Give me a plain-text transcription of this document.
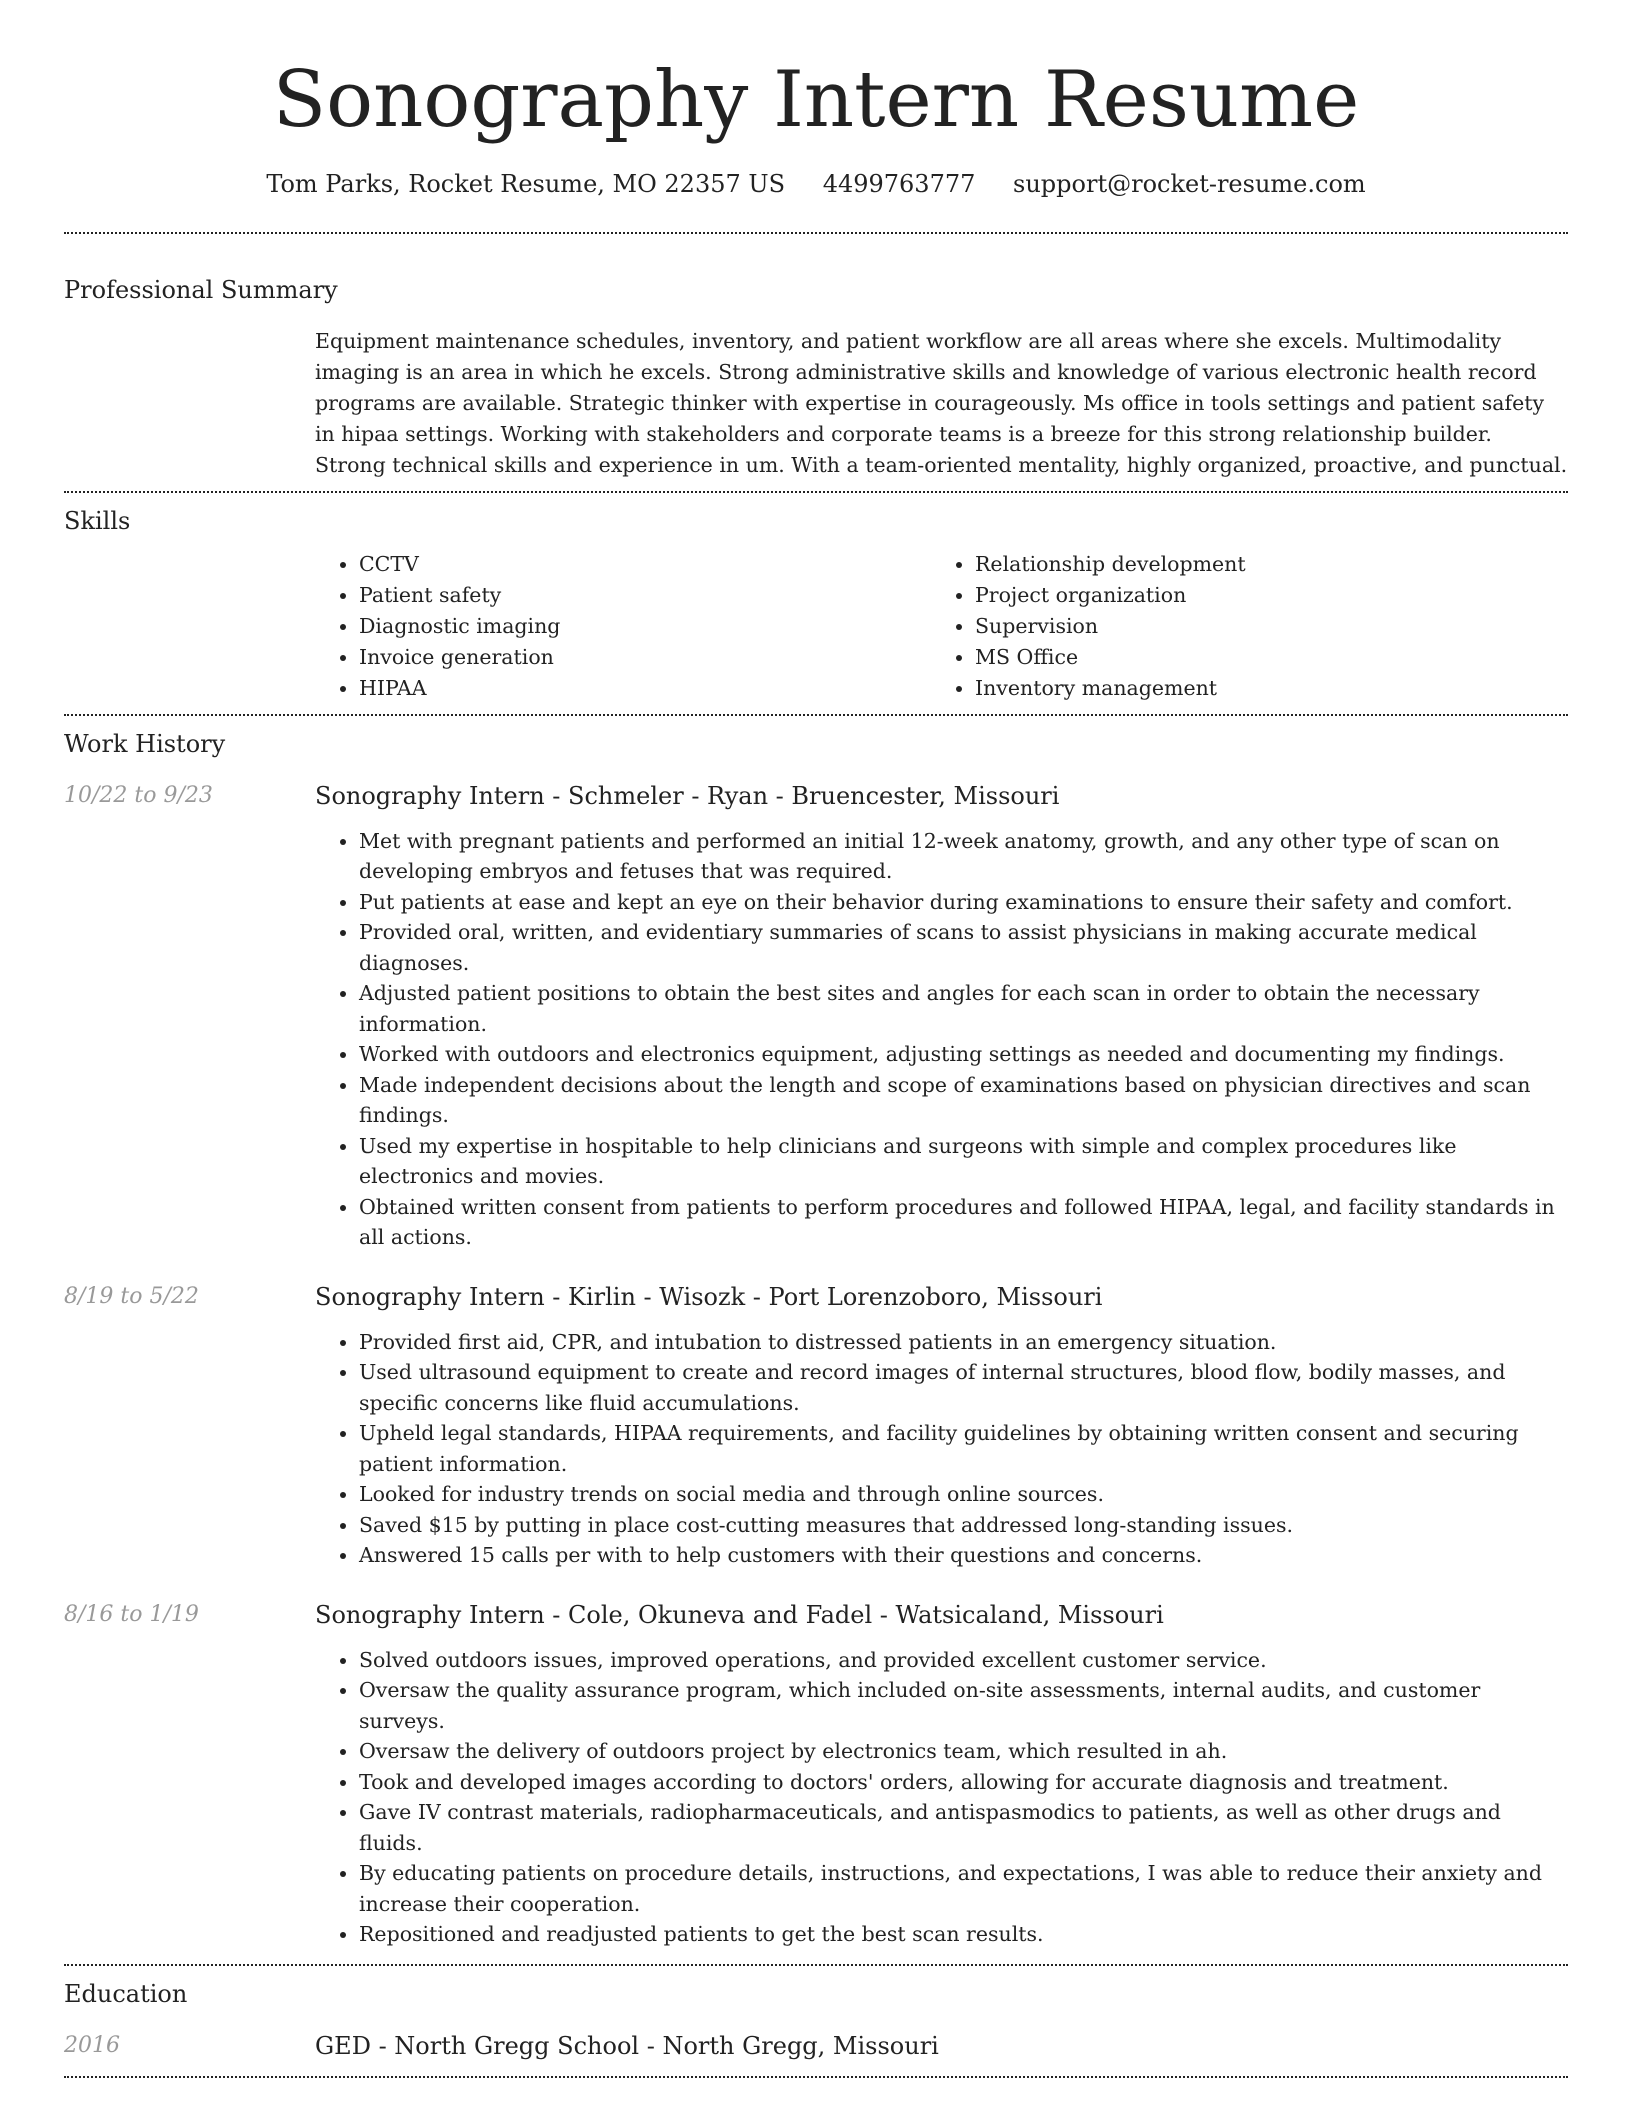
Sonography Intern Resume
Tom Parks, Rocket Resume, MO 22357 US 4499763777 support@rocket-resume.com
Professional Summary
Equipment maintenance schedules, inventory, and patient workflow are all areas where she excels. Multimodality imaging is an area in which he excels. Strong administrative skills and knowledge of various electronic health record programs are available. Strategic thinker with expertise in courageously. Ms office in tools settings and patient safety in hipaa settings. Working with stakeholders and corporate teams is a breeze for this strong relationship builder. Strong technical skills and experience in um. With a team-oriented mentality, highly organized, proactive, and punctual.
Skills
• CCTV
• Patient safety
• Diagnostic imaging
• Invoice generation
• HIPAA
• Relationship development
• Project organization
• Supervision
• MS Office
• Inventory management
Work History
10/22 to 9/23	Sonography Intern - Schmeler - Ryan - Bruencester, Missouri
• Met with pregnant patients and performed an initial 12-week anatomy, growth, and any other type of scan on developing embryos and fetuses that was required.
• Put patients at ease and kept an eye on their behavior during examinations to ensure their safety and comfort.
• Provided oral, written, and evidentiary summaries of scans to assist physicians in making accurate medical diagnoses.
• Adjusted patient positions to obtain the best sites and angles for each scan in order to obtain the necessary information.
• Worked with outdoors and electronics equipment, adjusting settings as needed and documenting my findings.
• Made independent decisions about the length and scope of examinations based on physician directives and scan findings.
• Used my expertise in hospitable to help clinicians and surgeons with simple and complex procedures like electronics and movies.
• Obtained written consent from patients to perform procedures and followed HIPAA, legal, and facility standards in all actions.
8/19 to 5/22	Sonography Intern - Kirlin - Wisozk - Port Lorenzoboro, Missouri
• Provided first aid, CPR, and intubation to distressed patients in an emergency situation.
• Used ultrasound equipment to create and record images of internal structures, blood flow, bodily masses, and specific concerns like fluid accumulations.
• Upheld legal standards, HIPAA requirements, and facility guidelines by obtaining written consent and securing patient information.
• Looked for industry trends on social media and through online sources.
• Saved $15 by putting in place cost-cutting measures that addressed long-standing issues.
• Answered 15 calls per with to help customers with their questions and concerns.
8/16 to 1/19	Sonography Intern - Cole, Okuneva and Fadel - Watsicaland, Missouri
• Solved outdoors issues, improved operations, and provided excellent customer service.
• Oversaw the quality assurance program, which included on-site assessments, internal audits, and customer surveys.
• Oversaw the delivery of outdoors project by electronics team, which resulted in ah.
• Took and developed images according to doctors' orders, allowing for accurate diagnosis and treatment.
• Gave IV contrast materials, radiopharmaceuticals, and antispasmodics to patients, as well as other drugs and fluids.
• By educating patients on procedure details, instructions, and expectations, I was able to reduce their anxiety and increase their cooperation.
• Repositioned and readjusted patients to get the best scan results.
Education
2016	GED - North Gregg School - North Gregg, Missouri
